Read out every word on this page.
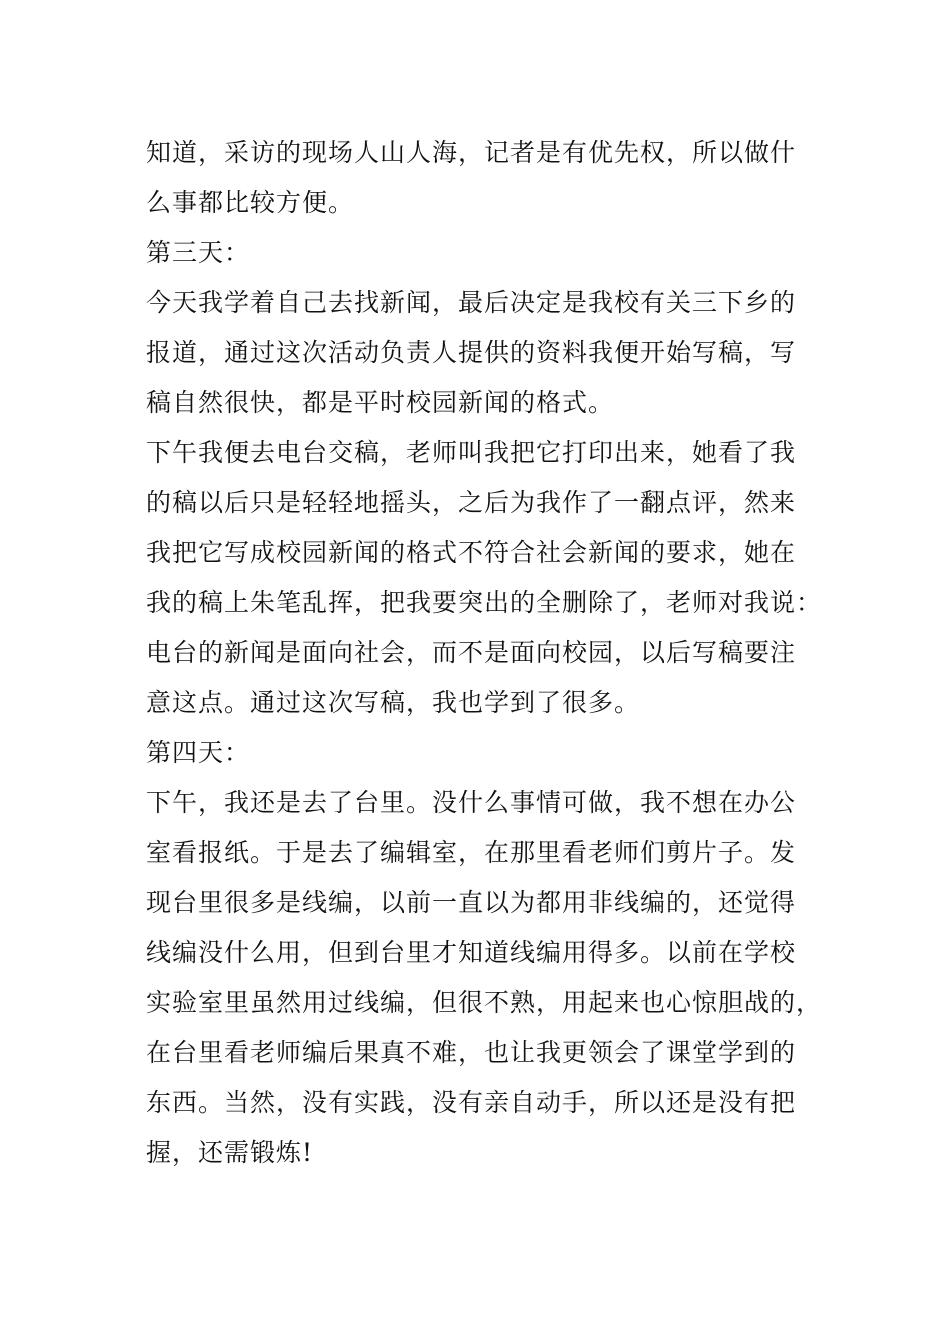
知道，采访的现场人山人海，记者是有优先权，所以做什
么事都比较方便。
第三天：
今天我学着自己去找新闻，最后决定是我校有关三下乡的
报道，通过这次活动负责人提供的资料我便开始写稿，写
稿自然很快，都是平时校园新闻的格式。
下午我便去电台交稿，老师叫我把它打印出来，她看了我
的稿以后只是轻轻地摇头，之后为我作了一翻点评，然来
我把它写成校园新闻的格式不符合社会新闻的要求，她在
我的稿上朱笔乱挥，把我要突出的全删除了，老师对我说：
电台的新闻是面向社会，而不是面向校园，以后写稿要注
意这点。通过这次写稿，我也学到了很多。
第四天：
下午，我还是去了台里。没什么事情可做，我不想在办公
室看报纸。于是去了编辑室，在那里看老师们剪片子。发
现台里很多是线编，以前一直以为都用非线编的，还觉得
线编没什么用，但到台里才知道线编用得多。以前在学校
实验室里虽然用过线编，但很不熟，用起来也心惊胆战的，
在台里看老师编后果真不难，也让我更领会了课堂学到的
东西。当然，没有实践，没有亲自动手，所以还是没有把
握，还需锻炼!
